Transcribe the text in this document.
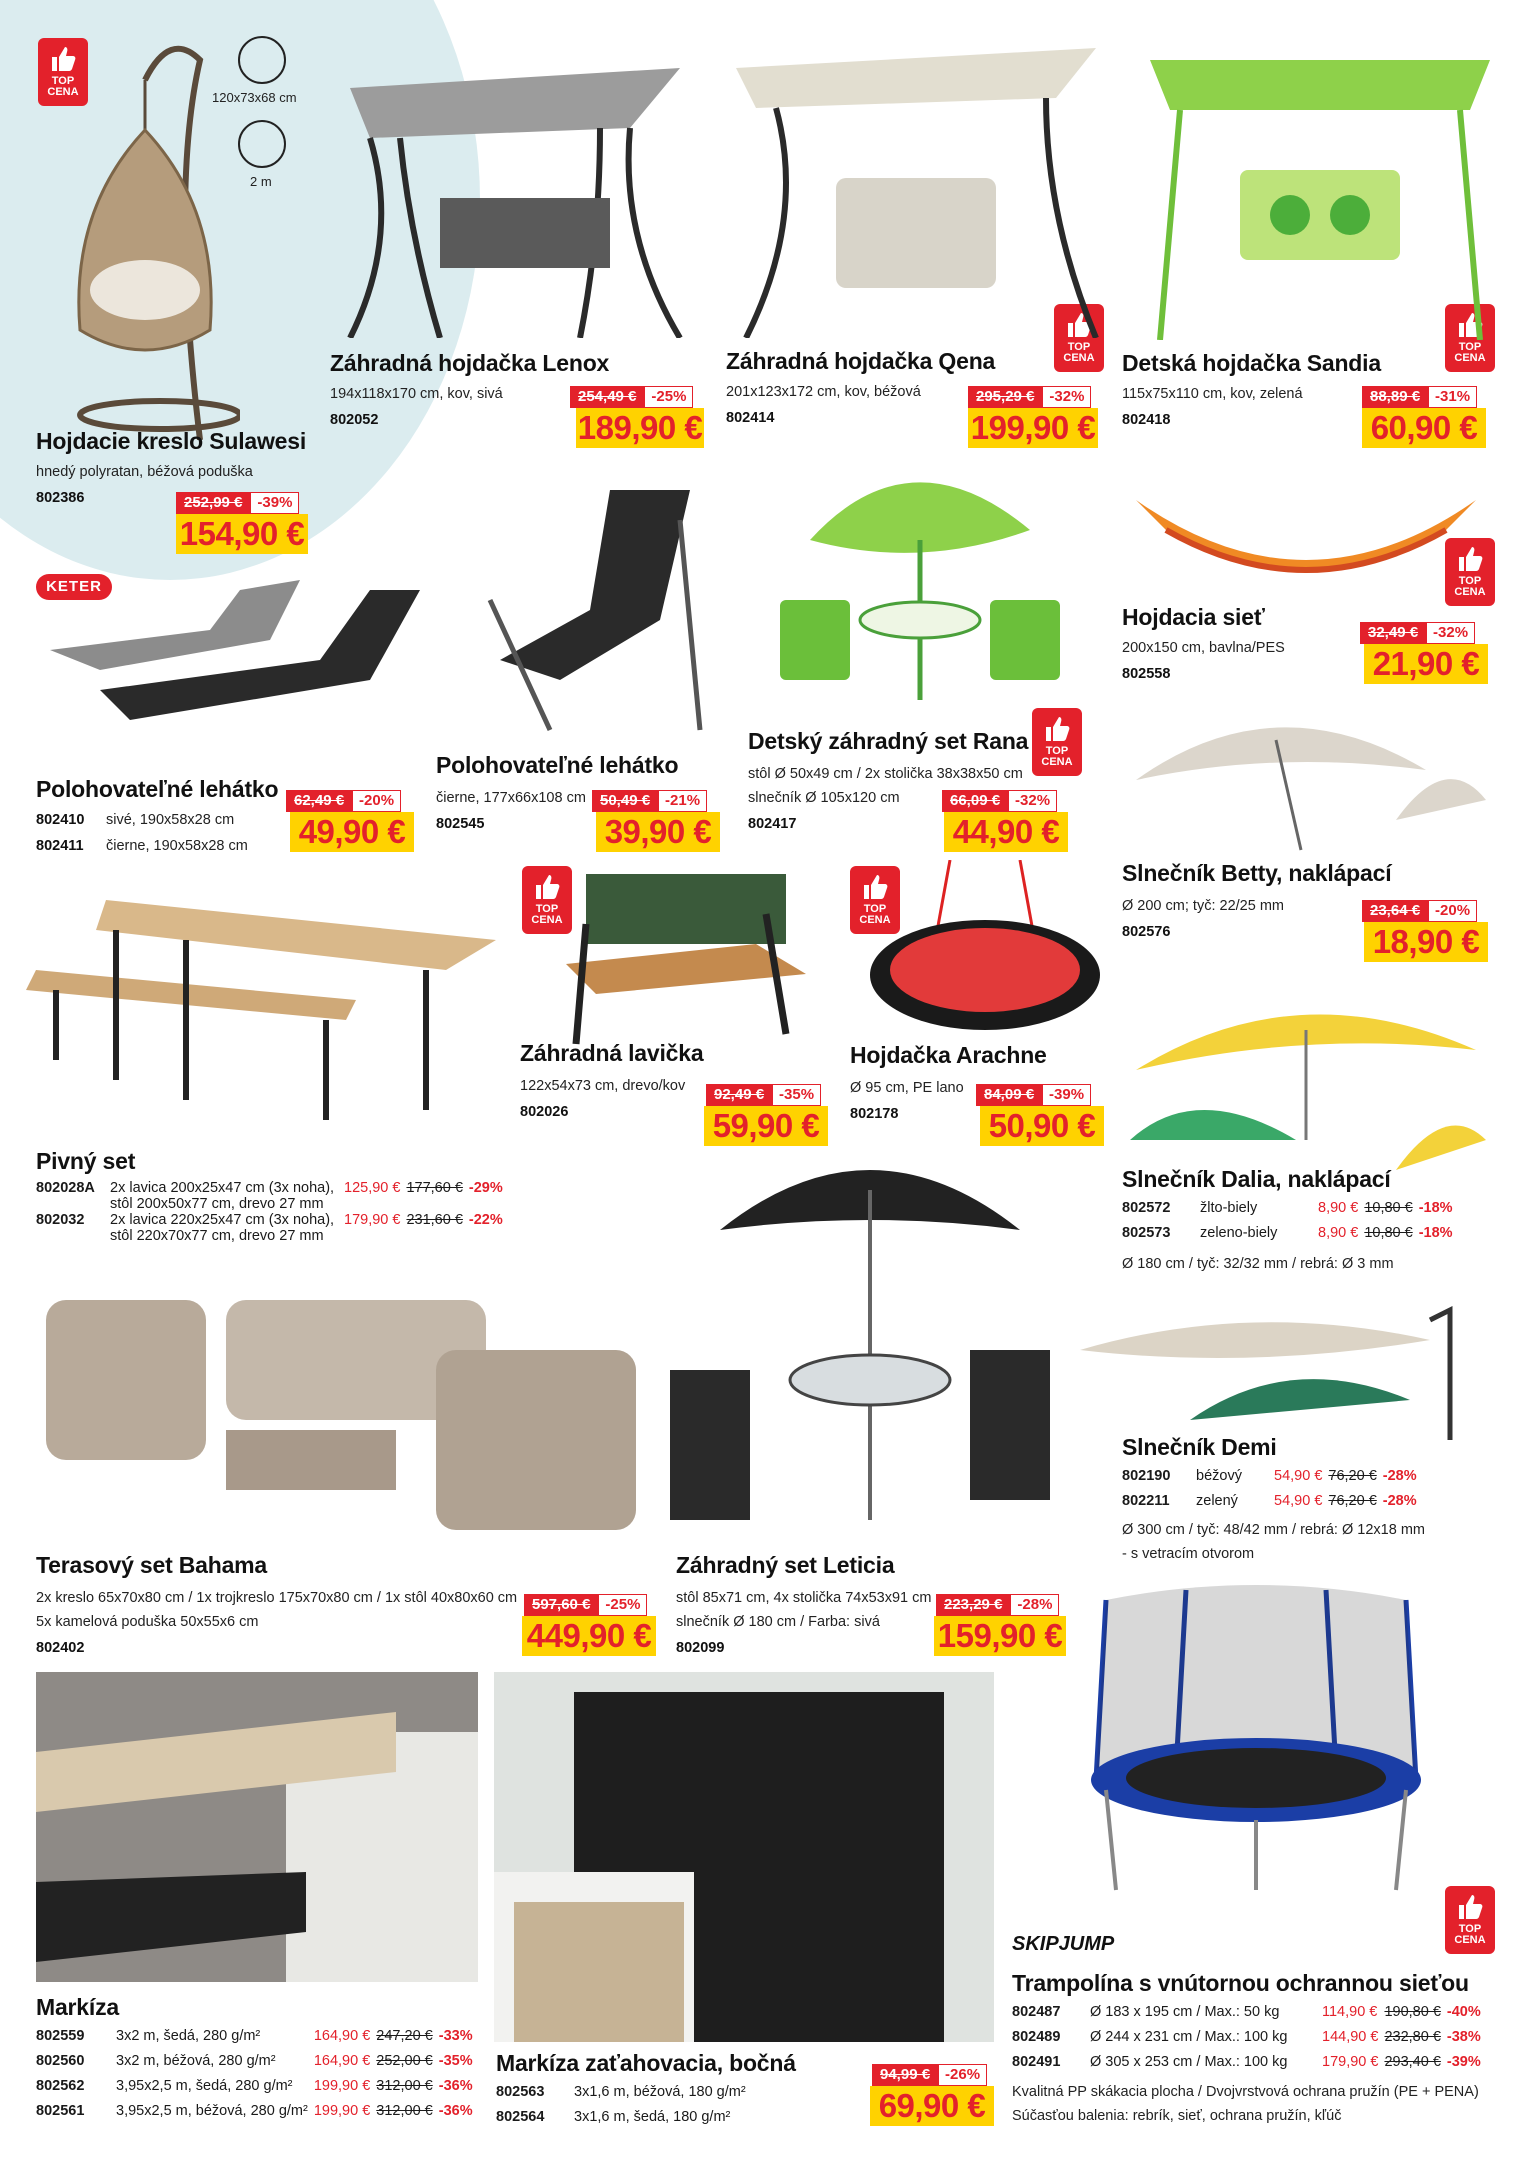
TOP
CENA
TOP
CENA
TOP
CENA
TOP
CENA
TOP
CENA
TOP
CENA
TOP
CENA

TOP
CENA
120x73x68 cm
2 m
Hojdacie kreslo Sulawesi
hnedý polyratan, béžová poduška
802386	252,99 €	-39%
154,90 €
Záhradná hojdačka Lenox
194x118x170 cm, kov, sivá
802052
254,49 €	-25%
189,90 €
Záhradná hojdačka Qena
201x123x172 cm, kov, béžová
802414
295,29 €	-32%
199,90 €
Detská hojdačka Sandia
115x75x110 cm, kov, zelená
802418
88,89 €	-31%
60,90 €
Hojdacia sieť
200x150 cm, bavlna/PES
802558
32,49 €	-32%
21,90 €
KETER
Polohovateľné lehátko
802410 sivé, 190x58x28 cm
802411 čierne, 190x58x28 cm
62,49 €	-20%
49,90 €
Polohovateľné lehátko
čierne, 177x66x108 cm
802545
50,49 €	-21%
39,90 €
Detský záhradný set Rana
stôl Ø 50x49 cm / 2x stolička 38x38x50 cm
slnečník Ø 105x120 cm
802417
66,09 €	-32%
44,90 €
Slnečník Betty, naklápací
Ø 200 cm; tyč: 22/25 mm
802576
23,64 €	-20%
18,90 €
Pivný set
802028A	2x lavica 200x25x47 cm (3x noha),
stôl 200x50x77 cm, drevo 27 mm	125,90 €	177,60 €	-29%
802032	2x lavica 220x25x47 cm (3x noha),
stôl 220x70x77 cm, drevo 27 mm	179,90 €	231,60 €	-22%
Záhradná lavička
122x54x73 cm, drevo/kov
802026
92,49 €	-35%
59,90 €
Hojdačka Arachne
Ø 95 cm, PE lano
802178
84,09 €	-39%
50,90 €
Slnečník Dalia, naklápací
802572	žlto-biely	8,90 €	10,80 €	-18%
802573	zeleno-biely	8,90 €	10,80 €	-18%
Ø 180 cm / tyč: 32/32 mm / rebrá: Ø 3 mm
Terasový set Bahama
2x kreslo 65x70x80 cm / 1x trojkreslo 175x70x80 cm / 1x stôl 40x80x60 cm
5x kamelová poduška 50x55x6 cm
802402
597,60 €	-25%
449,90 €
Záhradný set Leticia
stôl 85x71 cm, 4x stolička 74x53x91 cm
slnečník Ø 180 cm / Farba: sivá
802099
223,29 €	-28%
159,90 €
Slnečník Demi
802190	béžový	54,90 €	76,20 €	-28%
802211	zelený	54,90 €	76,20 €	-28%
Ø 300 cm / tyč: 48/42 mm / rebrá: Ø 12x18 mm
- s vetracím otvorom
Markíza
802559	3x2 m, šedá, 280 g/m²	164,90 €	247,20 €	-33%
802560	3x2 m, béžová, 280 g/m²	164,90 €	252,00 €	-35%
802562	3,95x2,5 m, šedá, 280 g/m²	199,90 €	312,00 €	-36%
802561	3,95x2,5 m, béžová, 280 g/m²	199,90 €	312,00 €	-36%
Markíza zaťahovacia, bočná
802563	3x1,6 m, béžová, 180 g/m²
802564	3x1,6 m, šedá, 180 g/m²
94,99 €	-26%
69,90 €
SKIPJUMP
Trampolína s vnútornou ochrannou sieťou
802487	Ø 183 x 195 cm / Max.: 50 kg	114,90 €	190,80 €	-40%
802489	Ø 244 x 231 cm / Max.: 100 kg	144,90 €	232,80 €	-38%
802491	Ø 305 x 253 cm / Max.: 100 kg	179,90 €	293,40 €	-39%
Kvalitná PP skákacia plocha / Dvojvrstvová ochrana pružín (PE + PENA)
Súčasťou balenia: rebrík, sieť, ochrana pružín, kľúč
